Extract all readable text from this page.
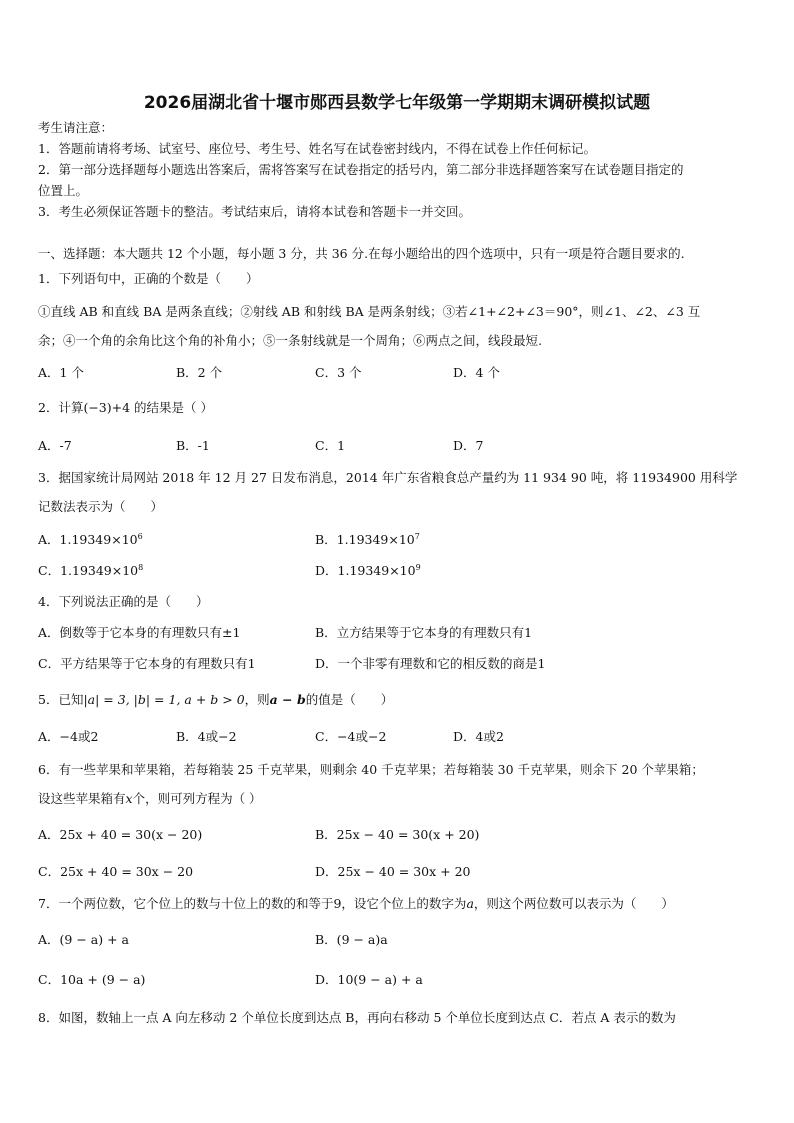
2026届湖北省十堰市郧西县数学七年级第一学期期末调研模拟试题
考生请注意：
1．答题前请将考场、试室号、座位号、考生号、姓名写在试卷密封线内，不得在试卷上作任何标记。
2．第一部分选择题每小题选出答案后，需将答案写在试卷指定的括号内，第二部分非选择题答案写在试卷题目指定的
位置上。
3．考生必须保证答题卡的整洁。考试结束后，请将本试卷和答题卡一并交回。
一、选择题：本大题共 12 个小题，每小题 3 分，共 36 分.在每小题给出的四个选项中，只有一项是符合题目要求的.
1．下列语句中，正确的个数是（　　）
①直线 AB 和直线 BA 是两条直线；②射线 AB 和射线 BA 是两条射线；③若∠1+∠2+∠3＝90°，则∠1、∠2、∠3 互
余；④一个角的余角比这个角的补角小；⑤一条射线就是一个周角；⑥两点之间，线段最短.
A．1 个	B．2 个	C．3 个	D．4 个
2．计算(−3)+4 的结果是（ ）
A．-7	B．-1	C．1	D．7
3．据国家统计局网站 2018 年 12 月 27 日发布消息，2014 年广东省粮食总产量约为 11 934 90 吨，将 11934900 用科学
记数法表示为（　　）
A．$1.19349\times 10^6$	B．$1.19349\times 10^7$
C．$1.19349\times 10^8$	D．$1.19349\times 10^9$
4．下列说法正确的是（　　）
A．倒数等于它本身的有理数只有±1	B．立方结果等于它本身的有理数只有1
C．平方结果等于它本身的有理数只有1	D．一个非零有理数和它的相反数的商是1
5．已知|a| = 3, |b| = 1, a + b > 0，则a − b的值是（　　）
A．−4或2	B．4或−2	C．−4或−2	D．4或2
6．有一些苹果和苹果箱，若每箱装 25 千克苹果，则剩余 40 千克苹果；若每箱装 30 千克苹果，则余下 20 个苹果箱；
设这些苹果箱有x个，则可列方程为（ ）
A．25x + 40 = 30(x − 20)	B．25x − 40 = 30(x + 20)
C．25x + 40 = 30x − 20	D．25x − 40 = 30x + 20
7．一个两位数，它个位上的数与十位上的数的和等于9，设它个位上的数字为a，则这个两位数可以表示为（　　）
A．(9 − a) + a	B．(9 − a)a
C．10a + (9 − a)	D．10(9 − a) + a
8．如图，数轴上一点 A 向左移动 2 个单位长度到达点 B，再向右移动 5 个单位长度到达点 C．若点 A 表示的数为
